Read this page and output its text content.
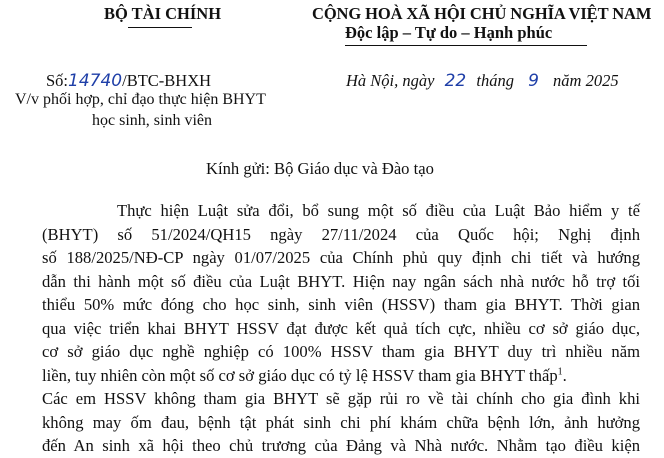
BỘ TÀI CHÍNH
Số:14740/BTC-BHXH
V/v phối hợp, chỉ đạo thực hiện BHYT
học sinh, sinh viên
CỘNG HOÀ XÃ HỘI CHỦ NGHĨA VIỆT NAM
Độc lập – Tự do – Hạnh phúc
Hà Nội, ngày 22 tháng 9 năm 2025
Kính gửi: Bộ Giáo dục và Đào tạo
Thực hiện Luật sửa đổi, bổ sung một số điều của Luật Bảo hiểm y tế
(BHYT) số 51/2024/QH15 ngày 27/11/2024 của Quốc hội; Nghị định
số 188/2025/NĐ-CP ngày 01/07/2025 của Chính phủ quy định chi tiết và hướng
dẫn thi hành một số điều của Luật BHYT. Hiện nay ngân sách nhà nước hỗ trợ tối
thiểu 50% mức đóng cho học sinh, sinh viên (HSSV) tham gia BHYT. Thời gian
qua việc triển khai BHYT HSSV đạt được kết quả tích cực, nhiều cơ sở giáo dục,
cơ sở giáo dục nghề nghiệp có 100% HSSV tham gia BHYT duy trì nhiều năm
liền, tuy nhiên còn một số cơ sở giáo dục có tỷ lệ HSSV tham gia BHYT thấp$^1$.
Các em HSSV không tham gia BHYT sẽ gặp rủi ro về tài chính cho gia đình khi
không may ốm đau, bệnh tật phát sinh chi phí khám chữa bệnh lớn, ảnh hưởng
đến An sinh xã hội theo chủ trương của Đảng và Nhà nước. Nhằm tạo điều kiện
